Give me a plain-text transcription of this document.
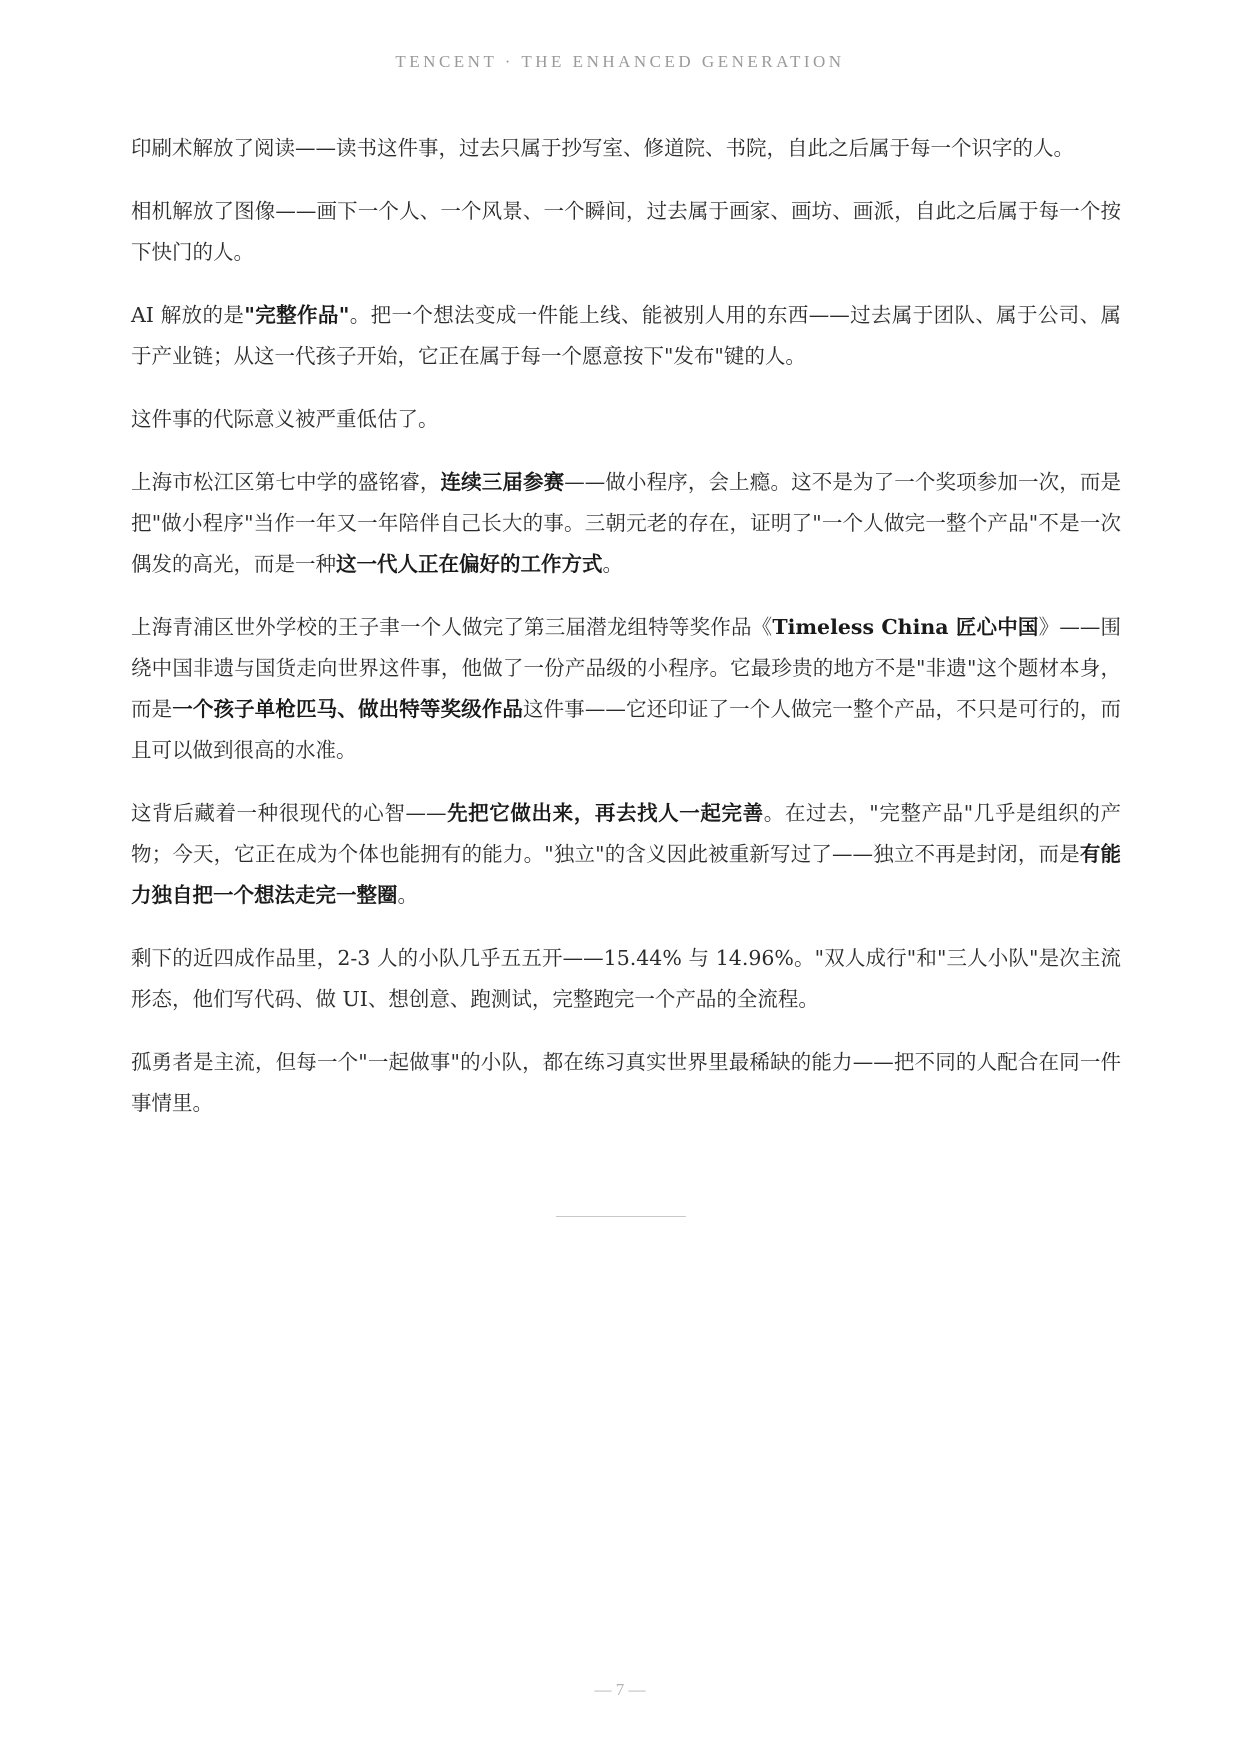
TENCENT · THE ENHANCED GENERATION

印刷术解放了阅读——读书这件事，过去只属于抄写室、修道院、书院，自此之后属于每一个识字的人。

相机解放了图像——画下一个人、一个风景、一个瞬间，过去属于画家、画坊、画派，自此之后属于每一个按下快门的人。

AI 解放的是"完整作品"。把一个想法变成一件能上线、能被别人用的东西——过去属于团队、属于公司、属于产业链；从这一代孩子开始，它正在属于每一个愿意按下"发布"键的人。

这件事的代际意义被严重低估了。

上海市松江区第七中学的盛铭睿，连续三届参赛——做小程序，会上瘾。这不是为了一个奖项参加一次，而是把"做小程序"当作一年又一年陪伴自己长大的事。三朝元老的存在，证明了"一个人做完一整个产品"不是一次偶发的高光，而是一种这一代人正在偏好的工作方式。

上海青浦区世外学校的王子聿一个人做完了第三届潜龙组特等奖作品《Timeless China 匠心中国》——围绕中国非遗与国货走向世界这件事，他做了一份产品级的小程序。它最珍贵的地方不是"非遗"这个题材本身，而是一个孩子单枪匹马、做出特等奖级作品这件事——它还印证了一个人做完一整个产品，不只是可行的，而且可以做到很高的水准。

这背后藏着一种很现代的心智——先把它做出来，再去找人一起完善。在过去，"完整产品"几乎是组织的产物；今天，它正在成为个体也能拥有的能力。"独立"的含义因此被重新写过了——独立不再是封闭，而是有能力独自把一个想法走完一整圈。

剩下的近四成作品里，2-3 人的小队几乎五五开——15.44% 与 14.96%。"双人成行"和"三人小队"是次主流形态，他们写代码、做 UI、想创意、跑测试，完整跑完一个产品的全流程。

孤勇者是主流，但每一个"一起做事"的小队，都在练习真实世界里最稀缺的能力——把不同的人配合在同一件事情里。

— 7 —
